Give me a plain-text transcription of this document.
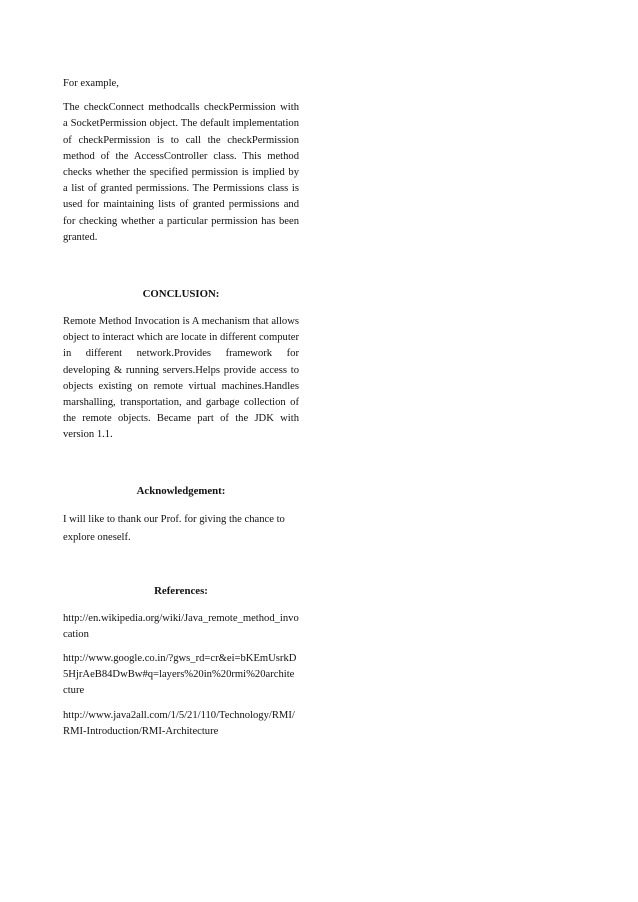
For example,

The checkConnect methodcalls checkPermission with a SocketPermission object. The default implementation of checkPermission is to call the checkPermission method of the AccessController class. This method checks whether the specified permission is implied by a list of granted permissions. The Permissions class is used for maintaining lists of granted permissions and for checking whether a particular permission has been granted.

CONCLUSION:

Remote Method Invocation is A mechanism that allows object to interact which are locate in different computer in different network.Provides framework for developing & running servers.Helps provide access to objects existing on remote virtual machines.Handles marshalling, transportation, and garbage collection of the remote objects. Became part of the JDK with version 1.1.

Acknowledgement:

I will like to thank our Prof. for giving the chance to explore oneself.

References:

http://en.wikipedia.org/wiki/Java_remote_method_invocation

http://www.google.co.in/?gws_rd=cr&ei=bKEmUsrkD5HjrAeB84DwBw#q=layers%20in%20rmi%20architecture

http://www.java2all.com/1/5/21/110/Technology/RMI/RMI-Introduction/RMI-Architecture
